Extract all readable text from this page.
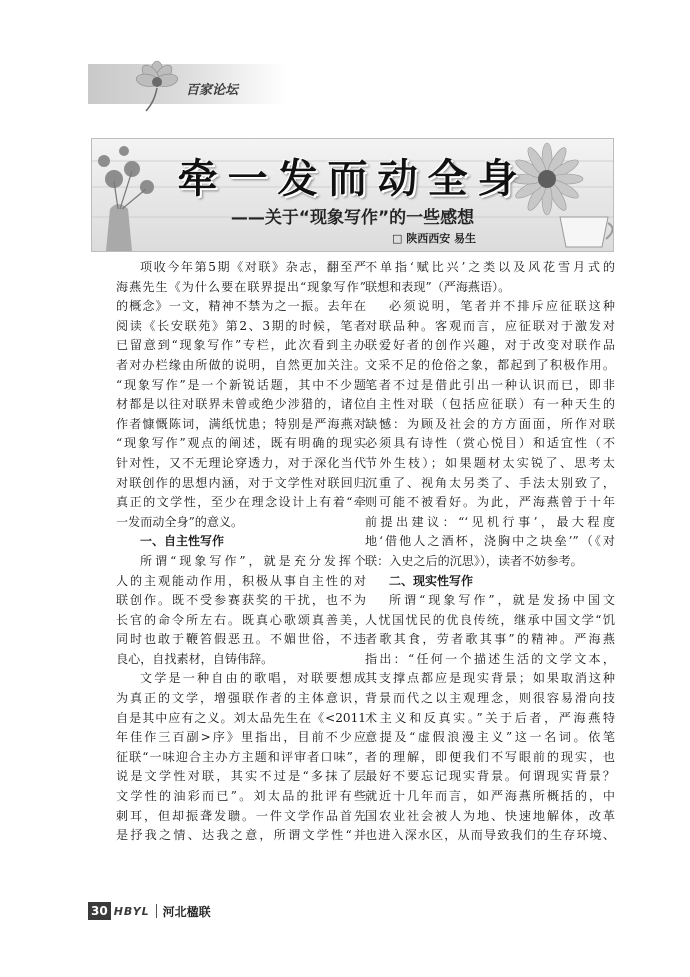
百家论坛
牵一发而动全身
——关于“现象写作”的一些感想
□ 陕西西安 易生
项收今年第5期《对联》杂志，翻至严
海燕先生《为什么要在联界提出“现象写作”
的概念》一文，精神不禁为之一振。去年在
阅读《长安联苑》第2、3期的时候，笔者
已留意到“现象写作”专栏，此次看到主办
者对办栏缘由所做的说明，自然更加关注。
“现象写作”是一个新锐话题，其中不少题
材都是以往对联界未曾或绝少涉猎的，诸位
作者慷慨陈词，满纸忧患；特别是严海燕对
“现象写作”观点的阐述，既有明确的现实
针对性，又不无理论穿透力，对于深化当代
对联创作的思想内涵，对于文学性对联回归
真正的文学性，至少在理念设计上有着“牵
一发而动全身”的意义。
一、自主性写作
所谓“现象写作”，就是充分发挥个
人的主观能动作用，积极从事自主性的对
联创作。既不受参赛获奖的干扰，也不为
长官的命令所左右。既真心歌颂真善美，
同时也敢于鞭笞假恶丑。不媚世俗，不违
良心，自找素材，自铸伟辞。
文学是一种自由的歌唱，对联要想成
为真正的文学，增强联作者的主体意识，
自是其中应有之义。刘太品先生在《<2011
年佳作三百副>序》里指出，目前不少应
征联“一味迎合主办方主题和评审者口味”，
说是文学性对联，其实不过是“多抹了层
文学性的油彩而已”。刘太品的批评有些
刺耳，但却振聋发聩。一件文学作品首先
是抒我之情、达我之意，所谓文学性“并
不单指‘赋比兴’之类以及风花雪月式的
联想和表现”（严海燕语）。
必须说明，笔者并不排斥应征联这种
对联品种。客观而言，应征联对于激发对
联爱好者的创作兴趣，对于改变对联作品
文采不足的伧俗之象，都起到了积极作用。
笔者不过是借此引出一种认识而已，即非
自主性对联（包括应征联）有一种天生的
缺憾：为顾及社会的方方面面，所作对联
必须具有诗性（赏心悦目）和适宜性（不
节外生枝）；如果题材太实锐了、思考太
沉重了、视角太另类了、手法太别致了，
则可能不被看好。为此，严海燕曾于十年
前提出建议：“‘见机行事’，最大程度
地‘借他人之酒杯，浇胸中之块垒’”（《对
联：入史之后的沉思》），读者不妨参考。
二、现实性写作
所谓“现象写作”，就是发扬中国文
人忧国忧民的优良传统，继承中国文学“饥
者歌其食，劳者歌其事”的精神。严海燕
指出：“任何一个描述生活的文学文本，
其支撑点都应是现实背景；如果取消这种
背景而代之以主观理念，则很容易滑向技
术主义和反真实。”关于后者，严海燕特
意提及“虚假浪漫主义”这一名词。依笔
者的理解，即便我们不写眼前的现实，也
最好不要忘记现实背景。何谓现实背景？
就近十几年而言，如严海燕所概括的，中
国农业社会被人为地、快速地解体，改革
也进入深水区，从而导致我们的生存环境、
30 HBYL 河北楹联
